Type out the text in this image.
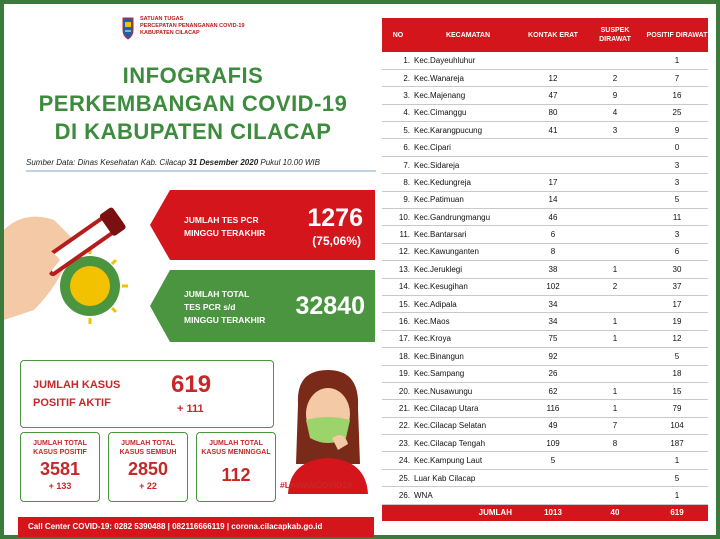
SATUAN TUGAS
PERCEPATAN PENANGANAN COVID-19
KABUPATEN CILACAP
INFOGRAFIS
PERKEMBANGAN COVID-19
DI KABUPATEN CILACAP
Sumber Data: Dinas Kesehatan Kab. Cilacap 31 Desember 2020 Pukul 10.00 WIB
JUMLAH TES PCR
MINGGU TERAKHIR
1276
(75,06%)
JUMLAH TOTAL
TES PCR s/d
MINGGU TERAKHIR 32840
JUMLAH KASUS
POSITIF AKTIF
619
+ 111
JUMLAH TOTAL
KASUS POSITIF
3581
+ 133
JUMLAH TOTAL
KASUS SEMBUH
2850
+ 22
JUMLAH TOTAL
KASUS MENINGGAL
112	#LAWANCOVID19
Call Center COVID-19: 0282 5390488 | 082116666119 | corona.cilacapkab.go.id
NO	KECAMATAN	KONTAK ERAT	SUSPEK DIRAWAT	POSITIF DIRAWAT
1.	Kec.Dayeuhluhur			1
2.	Kec.Wanareja	12	2	7
3.	Kec.Majenang	47	9	16
4.	Kec.Cimanggu	80	4	25
5.	Kec.Karangpucung	41	3	9
6.	Kec.Cipari			0
7.	Kec.Sidareja			3
8.	Kec.Kedungreja	17		3
9.	Kec.Patimuan	14		5
10.	Kec.Gandrungmangu	46		11
11.	Kec.Bantarsari	6		3
12.	Kec.Kawunganten	8		6
13.	Kec.Jeruklegi	38	1	30
14.	Kec.Kesugihan	102	2	37
15.	Kec.Adipala	34		17
16.	Kec.Maos	34	1	19
17.	Kec.Kroya	75	1	12
18.	Kec.Binangun	92		5
19.	Kec.Sampang	26		18
20.	Kec.Nusawungu	62	1	15
21.	Kec.Cilacap Utara	116	1	79
22.	Kec.Cilacap Selatan	49	7	104
23.	Kec.Cilacap Tengah	109	8	187
24.	Kec.Kampung Laut	5		1
25.	Luar Kab Cilacap			5
26.	WNA			1
	JUMLAH	1013	40	619
